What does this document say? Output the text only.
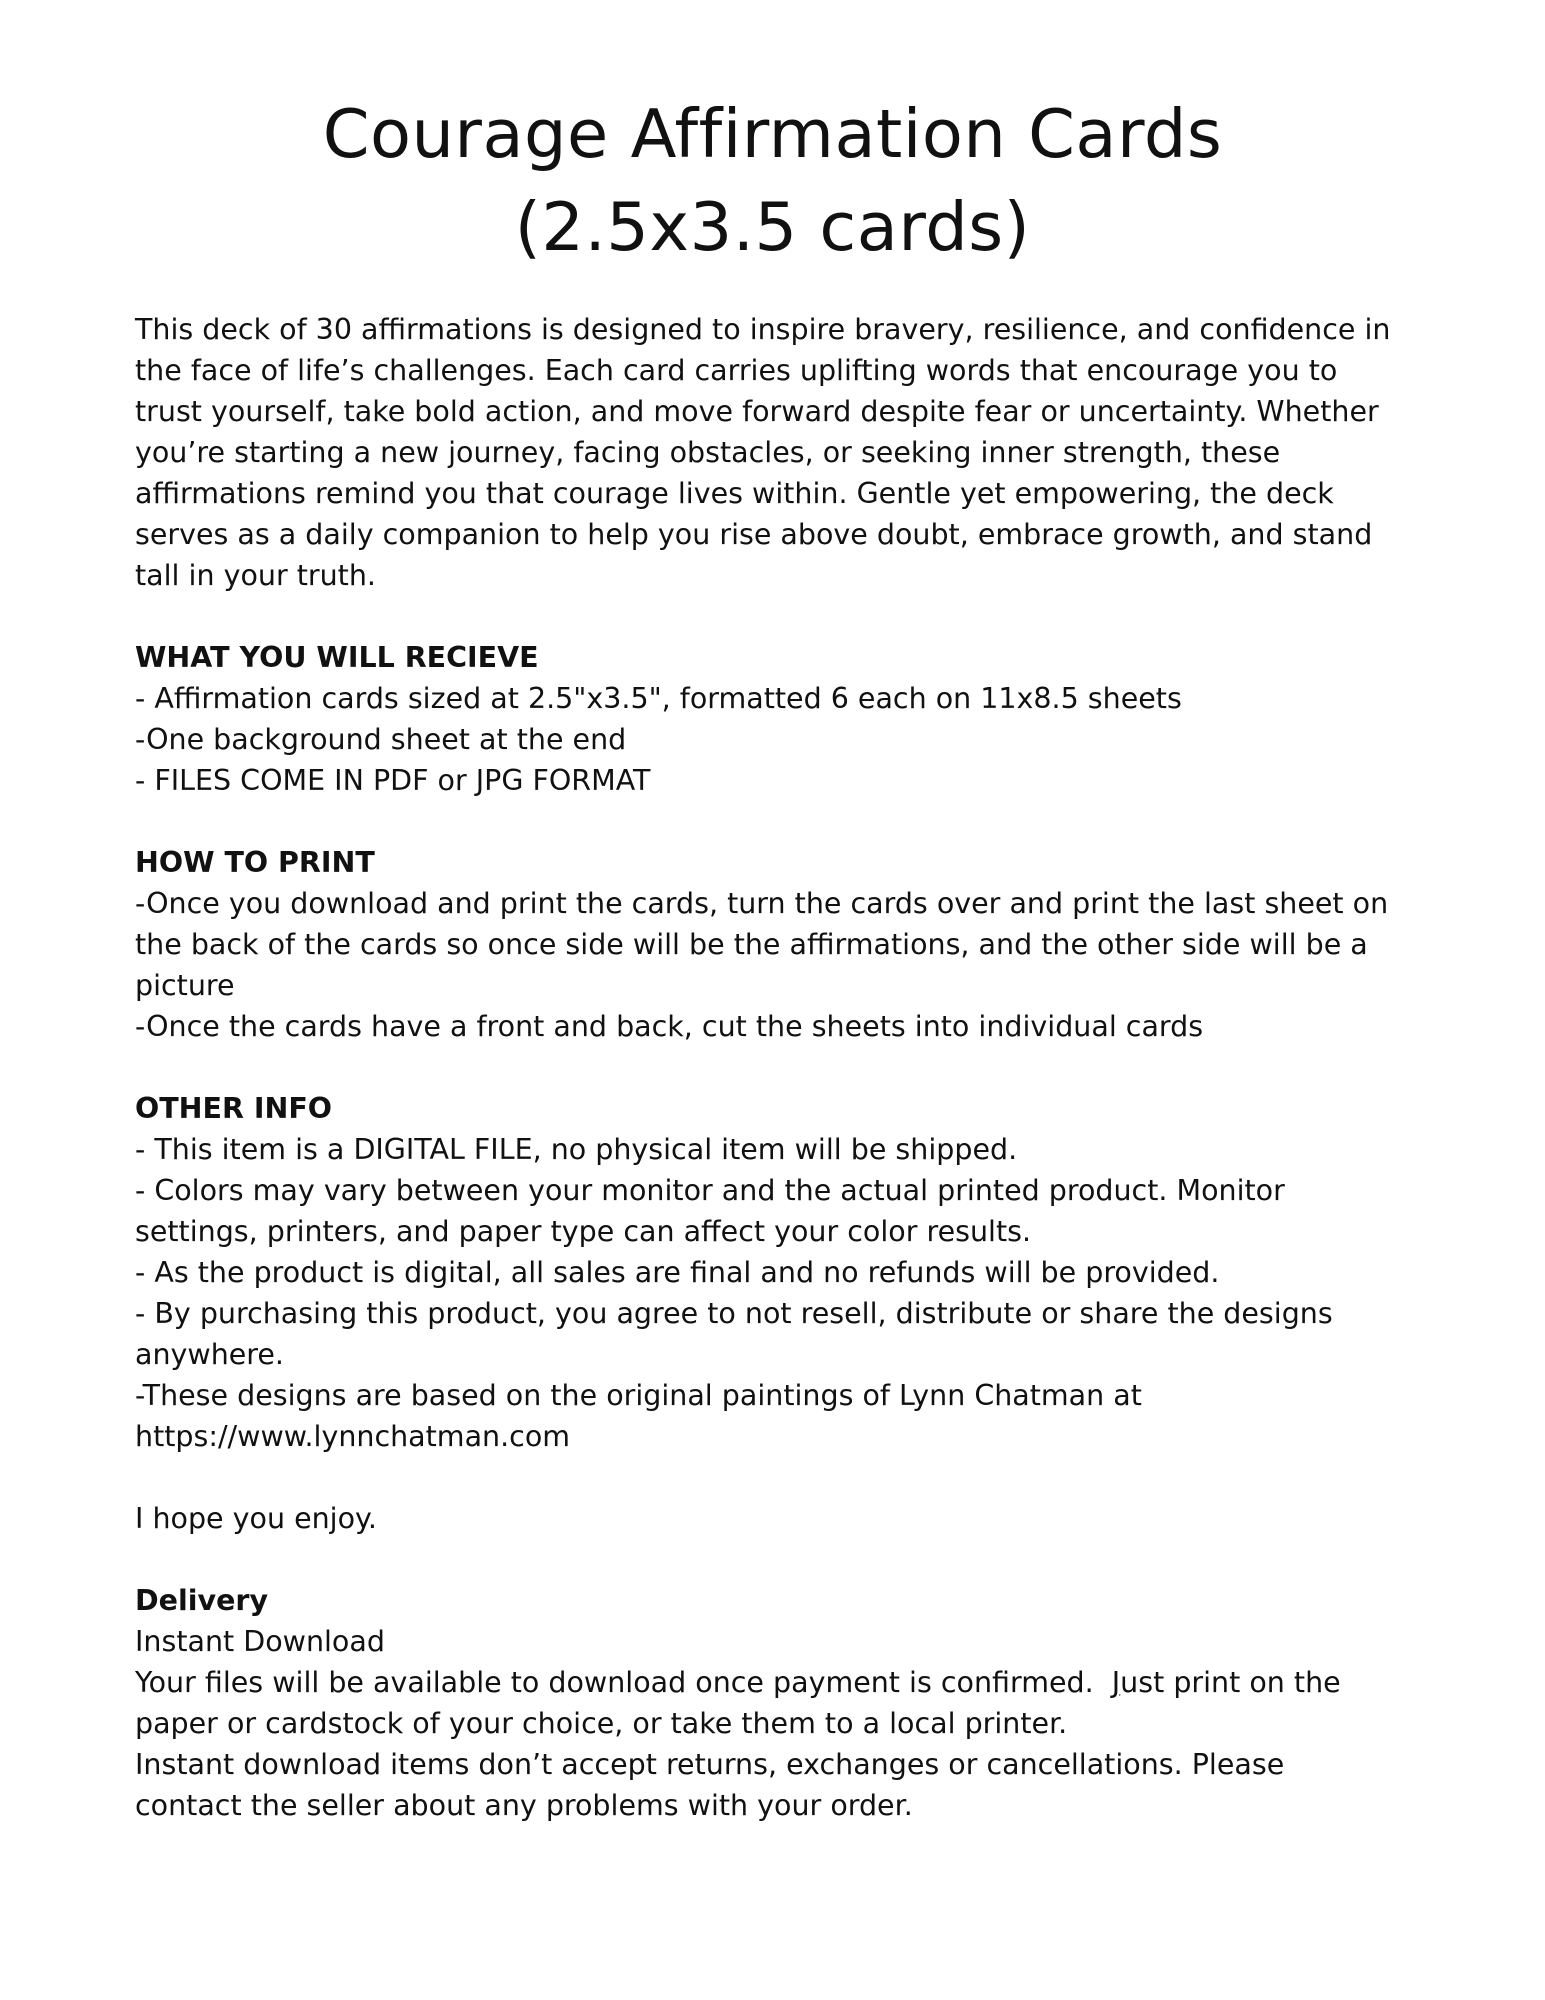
Courage Affirmation Cards
(2.5x3.5 cards)
This deck of 30 affirmations is designed to inspire bravery, resilience, and confidence in
the face of life’s challenges. Each card carries uplifting words that encourage you to
trust yourself, take bold action, and move forward despite fear or uncertainty. Whether
you’re starting a new journey, facing obstacles, or seeking inner strength, these
affirmations remind you that courage lives within. Gentle yet empowering, the deck
serves as a daily companion to help you rise above doubt, embrace growth, and stand
tall in your truth.
WHAT YOU WILL RECIEVE
- Affirmation cards sized at 2.5"x3.5", formatted 6 each on 11x8.5 sheets
-One background sheet at the end
- FILES COME IN PDF or JPG FORMAT
HOW TO PRINT
-Once you download and print the cards, turn the cards over and print the last sheet on
the back of the cards so once side will be the affirmations, and the other side will be a
picture
-Once the cards have a front and back, cut the sheets into individual cards
OTHER INFO
- This item is a DIGITAL FILE, no physical item will be shipped.
- Colors may vary between your monitor and the actual printed product. Monitor
settings, printers, and paper type can affect your color results.
- As the product is digital, all sales are final and no refunds will be provided.
- By purchasing this product, you agree to not resell, distribute or share the designs
anywhere.
-These designs are based on the original paintings of Lynn Chatman at
https://www.lynnchatman.com
I hope you enjoy.
Delivery
Instant Download
Your files will be available to download once payment is confirmed.  Just print on the
paper or cardstock of your choice, or take them to a local printer.
Instant download items don’t accept returns, exchanges or cancellations. Please
contact the seller about any problems with your order.
